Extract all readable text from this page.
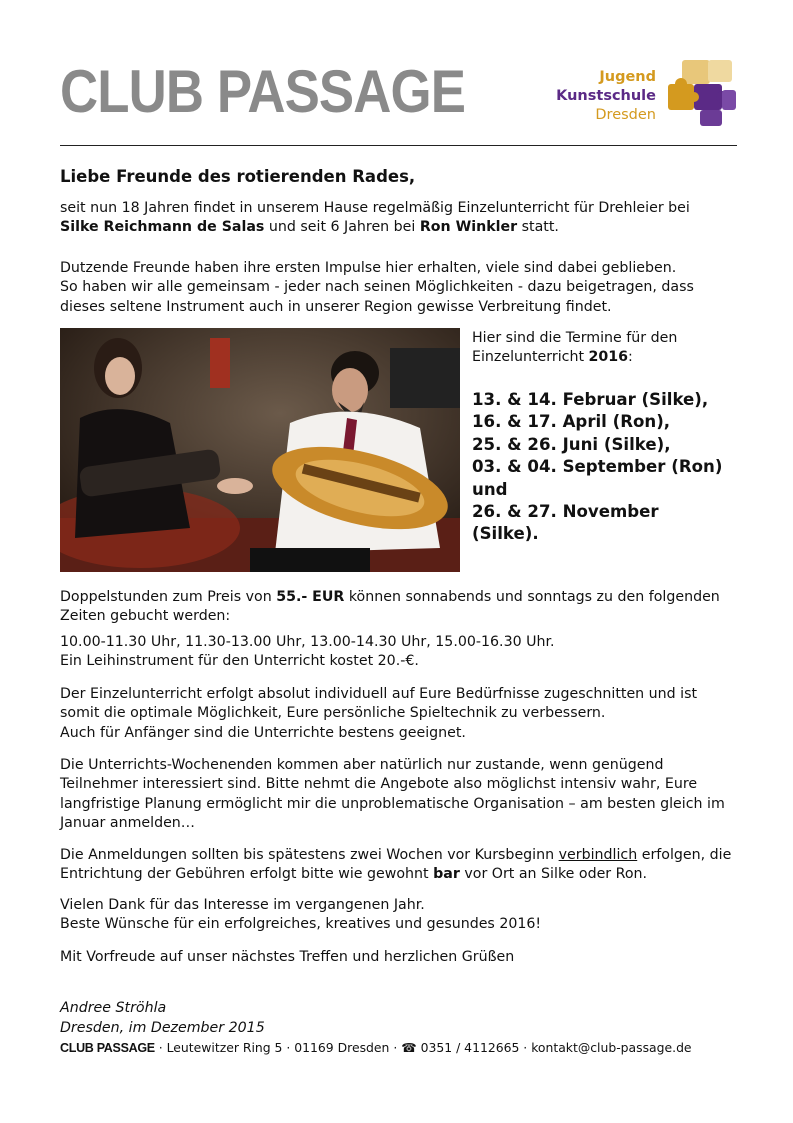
CLUB PASSAGE	Jugend
Kunstschule
Dresden
Liebe Freunde des rotierenden Rades,
seit nun 18 Jahren findet in unserem Hause regelmäßig Einzelunterricht für Drehleier bei
Silke Reichmann de Salas und seit 6 Jahren bei Ron Winkler statt.
Dutzende Freunde haben ihre ersten Impulse hier erhalten, viele sind dabei geblieben.
So haben wir alle gemeinsam - jeder nach seinen Möglichkeiten - dazu beigetragen, dass
dieses seltene Instrument auch in unserer Region gewisse Verbreitung findet.
Hier sind die Termine für den
Einzelunterricht 2016:
13. & 14. Februar (Silke),
16. & 17. April (Ron),
25. & 26. Juni (Silke),
03. & 04. September (Ron)
und
26. & 27. November
(Silke).
Doppelstunden zum Preis von 55.- EUR können sonnabends und sonntags zu den folgenden
Zeiten gebucht werden:
10.00-11.30 Uhr, 11.30-13.00 Uhr, 13.00-14.30 Uhr, 15.00-16.30 Uhr.
Ein Leihinstrument für den Unterricht kostet 20.-€.
Der Einzelunterricht erfolgt absolut individuell auf Eure Bedürfnisse zugeschnitten und ist
somit die optimale Möglichkeit, Eure persönliche Spieltechnik zu verbessern.
Auch für Anfänger sind die Unterrichte bestens geeignet.
Die Unterrichts-Wochenenden kommen aber natürlich nur zustande, wenn genügend
Teilnehmer interessiert sind. Bitte nehmt die Angebote also möglichst intensiv wahr, Eure
langfristige Planung ermöglicht mir die unproblematische Organisation – am besten gleich im
Januar anmelden…
Die Anmeldungen sollten bis spätestens zwei Wochen vor Kursbeginn verbindlich erfolgen, die
Entrichtung der Gebühren erfolgt bitte wie gewohnt bar vor Ort an Silke oder Ron.
Vielen Dank für das Interesse im vergangenen Jahr.
Beste Wünsche für ein erfolgreiches, kreatives und gesundes 2016!
Mit Vorfreude auf unser nächstes Treffen und herzlichen Grüßen
Andree Ströhla
Dresden, im Dezember 2015
CLUB PASSAGE · Leutewitzer Ring 5 · 01169 Dresden · ☎ 0351 / 4112665 · kontakt@club-passage.de
